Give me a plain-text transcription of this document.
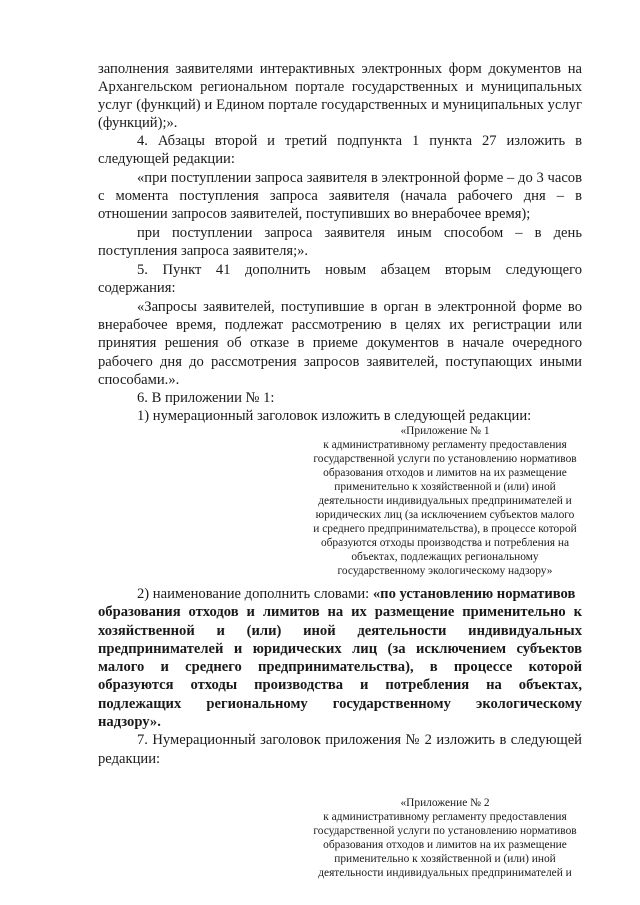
заполнения заявителями интерактивных электронных форм документов на

Архангельском региональном портале государственных и муниципальных

услуг (функций) и Едином портале государственных и муниципальных услуг

(функций);».

4. Абзацы второй и третий подпункта 1 пункта 27 изложить в

следующей редакции:

«при поступлении запроса заявителя в электронной форме – до 3 часов

с момента поступления запроса заявителя (начала рабочего дня – в

отношении запросов заявителей, поступивших во внерабочее время);

при поступлении запроса заявителя иным способом – в день

поступления запроса заявителя;».

5. Пункт 41 дополнить новым абзацем вторым следующего

содержания:

«Запросы заявителей, поступившие в орган в электронной форме во

внерабочее время, подлежат рассмотрению в целях их регистрации или

принятия решения об отказе в приеме документов в начале очередного

рабочего дня до рассмотрения запросов заявителей, поступающих иными

способами.».

6. В приложении № 1:

1) нумерационный заголовок изложить в следующей редакции:

«Приложение № 1

к административному регламенту предоставления

государственной услуги по установлению нормативов

образования отходов и лимитов на их размещение

применительно к хозяйственной и (или) иной

деятельности индивидуальных предпринимателей и

юридических лиц (за исключением субъектов малого

и среднего предпринимательства), в процессе которой

образуются отходы производства и потребления на

объектах, подлежащих региональному

государственному экологическому надзору»

2) наименование дополнить словами: «по установлению нормативов

образования отходов и лимитов на их размещение применительно к

хозяйственной и (или) иной деятельности индивидуальных

предпринимателей и юридических лиц (за исключением субъектов

малого и среднего предпринимательства), в процессе которой

образуются отходы производства и потребления на объектах,

подлежащих региональному государственному экологическому

надзору».

7. Нумерационный заголовок приложения № 2 изложить в следующей

редакции:

«Приложение № 2

к административному регламенту предоставления

государственной услуги по установлению нормативов

образования отходов и лимитов на их размещение

применительно к хозяйственной и (или) иной

деятельности индивидуальных предпринимателей и
